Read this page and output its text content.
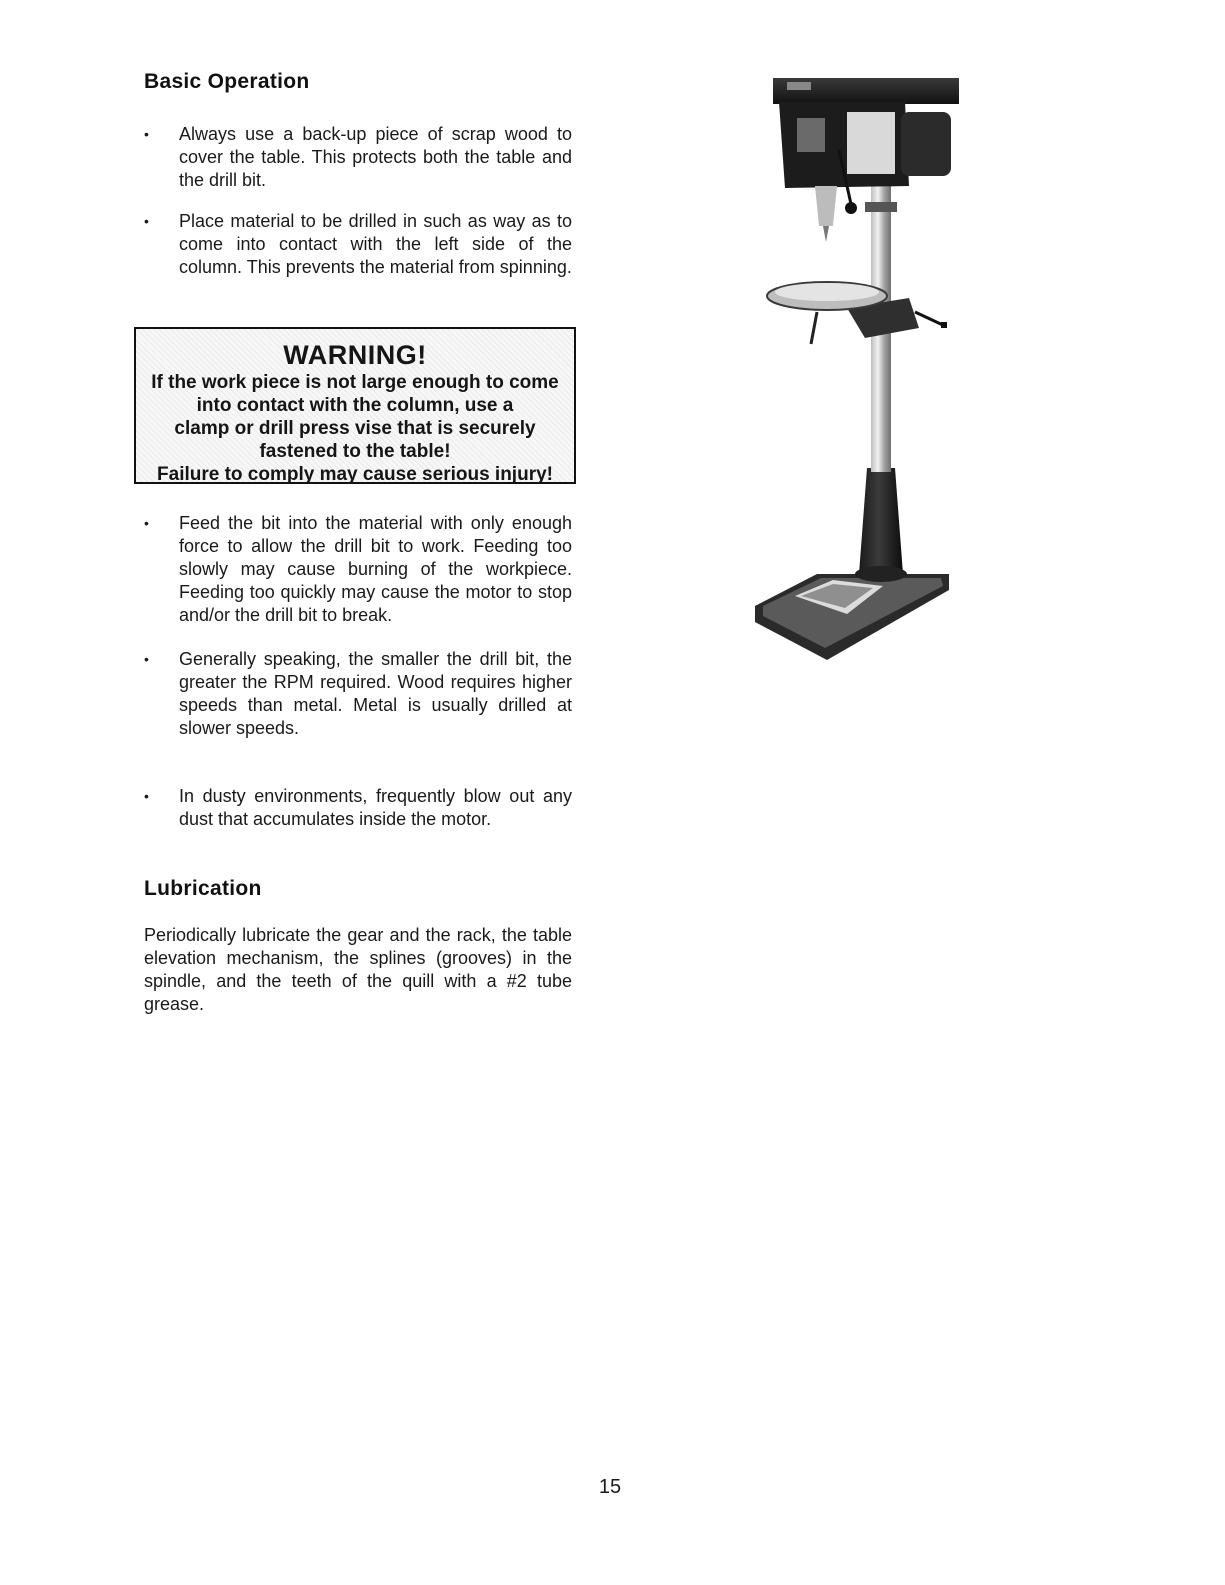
Basic Operation
• Always use a back-up piece of scrap wood to cover the table. This protects both the table and the drill bit.
• Place material to be drilled in such as way as to come into contact with the left side of the column. This prevents the material from spinning.
WARNING!
If the work piece is not large enough to come
into contact with the column, use a
clamp or drill press vise that is securely
fastened to the table!
Failure to comply may cause serious injury!
• Feed the bit into the material with only enough force to allow the drill bit to work. Feeding too slowly may cause burning of the workpiece. Feeding too quickly may cause the motor to stop and/or the drill bit to break.
• Generally speaking, the smaller the drill bit, the greater the RPM required. Wood requires higher speeds than metal. Metal is usually drilled at slower speeds.
• In dusty environments, frequently blow out any dust that accumulates inside the motor.
Lubrication

Periodically lubricate the gear and the rack, the table elevation mechanism, the splines (grooves) in the spindle, and the teeth of the quill with a #2 tube grease.

15
